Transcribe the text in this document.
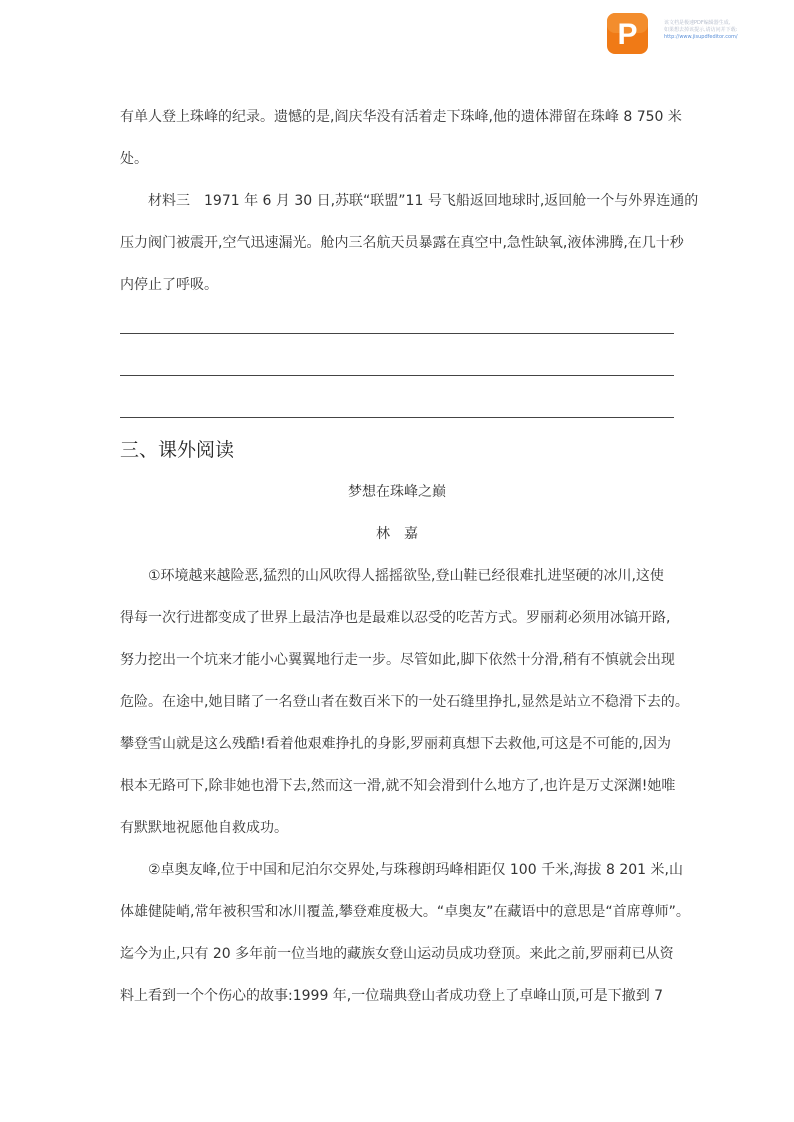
P	该文档是极速PDF编辑器生成,
如果想去掉该提示,请访问并下载:
http://www.jisupdfeditor.com/
有单人登上珠峰的纪录。遗憾的是,阎庆华没有活着走下珠峰,他的遗体滞留在珠峰 8 750 米
处。
材料三　1971 年 6 月 30 日,苏联“联盟”11 号飞船返回地球时,返回舱一个与外界连通的
压力阀门被震开,空气迅速漏光。舱内三名航天员暴露在真空中,急性缺氧,液体沸腾,在几十秒
内停止了呼吸。
三、课外阅读
梦想在珠峰之巅
林　嘉
①环境越来越险恶,猛烈的山风吹得人摇摇欲坠,登山鞋已经很难扎进坚硬的冰川,这使
得每一次行进都变成了世界上最洁净也是最难以忍受的吃苦方式。罗丽莉必须用冰镐开路,
努力挖出一个坑来才能小心翼翼地行走一步。尽管如此,脚下依然十分滑,稍有不慎就会出现
危险。在途中,她目睹了一名登山者在数百米下的一处石缝里挣扎,显然是站立不稳滑下去的。
攀登雪山就是这么残酷!看着他艰难挣扎的身影,罗丽莉真想下去救他,可这是不可能的,因为
根本无路可下,除非她也滑下去,然而这一滑,就不知会滑到什么地方了,也许是万丈深渊!她唯
有默默地祝愿他自救成功。
②卓奥友峰,位于中国和尼泊尔交界处,与珠穆朗玛峰相距仅 100 千米,海拔 8 201 米,山
体雄健陡峭,常年被积雪和冰川覆盖,攀登难度极大。“卓奥友”在藏语中的意思是“首席尊师”。
迄今为止,只有 20 多年前一位当地的藏族女登山运动员成功登顶。来此之前,罗丽莉已从资
料上看到一个个伤心的故事:1999 年,一位瑞典登山者成功登上了卓峰山顶,可是下撤到 7
